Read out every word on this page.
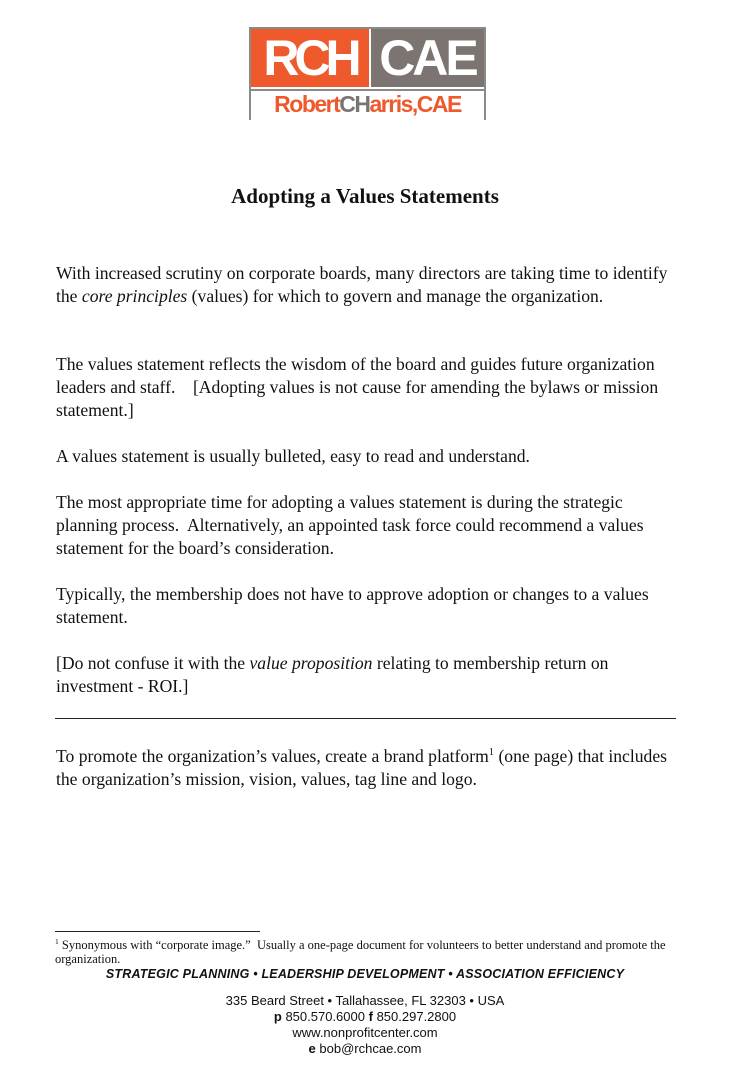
RCH CAE
RobertCHarris,CAE
Adopting a Values Statements

With increased scrutiny on corporate boards, many directors are taking time to identify the core principles (values) for which to govern and manage the organization.

The values statement reflects the wisdom of the board and guides future organization leaders and staff.    [Adopting values is not cause for amending the bylaws or mission statement.]

A values statement is usually bulleted, easy to read and understand.

The most appropriate time for adopting a values statement is during the strategic planning process.  Alternatively, an appointed task force could recommend a values statement for the board’s consideration.

Typically, the membership does not have to approve adoption or changes to a values statement.

[Do not confuse it with the value proposition relating to membership return on investment - ROI.]

To promote the organization’s values, create a brand platform$^1$ (one page) that includes the organization’s mission, vision, values, tag line and logo.

$^1$ Synonymous with “corporate image.”  Usually a one-page document for volunteers to better understand and promote the organization.

STRATEGIC PLANNING • LEADERSHIP DEVELOPMENT • ASSOCIATION EFFICIENCY
335 Beard Street • Tallahassee, FL 32303 • USA
p 850.570.6000 f 850.297.2800
www.nonprofitcenter.com
e bob@rchcae.com
